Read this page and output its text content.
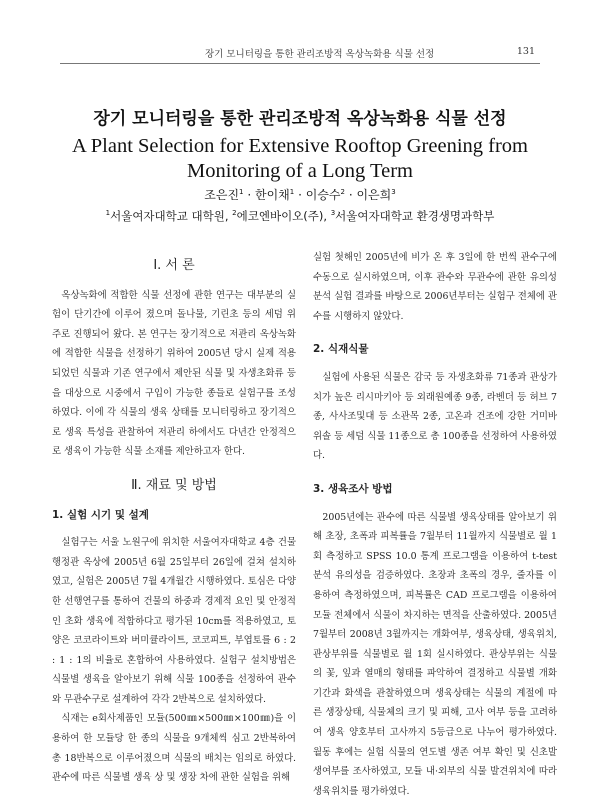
장기 모니터링을 통한 관리조방적 옥상녹화용 식물 선정	131
장기 모니터링을 통한 관리조방적 옥상녹화용 식물 선정
A Plant Selection for Extensive Rooftop Greening from Monitoring of a Long Term
조은진$^1$ · 한이채$^1$ · 이승수$^2$ · 이은희$^3$
$^1$서울여자대학교 대학원, $^2$에코엔바이오(주), $^3$서울여자대학교 환경생명과학부
Ⅰ. 서 론

옥상녹화에 적합한 식물 선정에 관한 연구는 대부분의 실험이 단기간에 이루어 졌으며 돌나물, 기린초 등의 세덤 위주로 진행되어 왔다. 본 연구는 장기적으로 저관리 옥상녹화에 적합한 식물을 선정하기 위하여 2005년 당시 실제 적용되었던 식물과 기존 연구에서 제안된 식물 및 자생초화류 등을 대상으로 시중에서 구입이 가능한 종들로 실험구를 조성하였다. 이에 각 식물의 생육 상태를 모니터링하고 장기적으로 생육 특성을 관찰하여 저관리 하에서도 다년간 안정적으로 생육이 가능한 식물 소재를 제안하고자 한다.

Ⅱ. 재료 및 방법
1. 실험 시기 및 설계

실험구는 서울 노원구에 위치한 서울여자대학교 4층 건물 행정관 옥상에 2005년 6월 25일부터 26일에 걸쳐 설치하였고, 실험은 2005년 7월 4개월간 시행하였다. 토심은 다양한 선행연구를 통하여 건물의 하중과 경제적 요인 및 안정적인 초화 생육에 적합하다고 평가된 10cm를 적용하였고, 토양은 코코라이트와 버미큘라이트, 코코피트, 부엽토를 6 : 2 : 1 : 1의 비율로 혼합하여 사용하였다. 실험구 설치방법은 식물별 생육을 알아보기 위해 식물 100종을 선정하여 관수와 무관수구로 설계하여 각각 2반복으로 설치하였다.

식재는 e회사제품인 모듈(500㎜×500㎜×100㎜)을 이용하여 한 모듈당 한 종의 식물을 9개체씩 심고 2반복하여 총 18반복으로 이루어졌으며 식물의 배치는 임의로 하였다. 관수에 따른 식물별 생육 상 및 생장 차에 관한 실험을 위해

실험 첫해인 2005년에 비가 온 후 3일에 한 번씩 관수구에 수동으로 실시하였으며, 이후 관수와 무관수에 관한 유의성 분석 실험 결과를 바탕으로 2006년부터는 실험구 전체에 관수를 시행하지 않았다.

2. 식재식물

실험에 사용된 식물은 감국 등 자생초화류 71종과 관상가치가 높은 리시마키아 등 외래원예종 9종, 라벤더 등 허브 7종, 사사조및대 등 소관목 2종, 고온과 건조에 강한 거미바위솔 등 세덤 식물 11종으로 총 100종을 선정하여 사용하였다.

3. 생육조사 방법

2005년에는 관수에 따른 식물별 생육상태를 알아보기 위해 초장, 초폭과 피복률을 7월부터 11월까지 식물별로 월 1회 측정하고 SPSS 10.0 통계 프로그램을 이용하여 t-test 분석 유의성을 검증하였다. 초장과 초폭의 경우, 줄자를 이용하여 측정하였으며, 피복률은 CAD 프로그램을 이용하여 모듈 전체에서 식물이 차지하는 면적을 산출하였다. 2005년 7월부터 2008년 3월까지는 개화여부, 생육상태, 생육위치, 관상부위를 식물별로 월 1회 실시하였다. 관상부위는 식물의 꽃, 잎과 열매의 형태를 파악하여 결정하고 식물별 개화기간과 화색을 관찰하였으며 생육상태는 식물의 계절에 따른 생장상태, 식물체의 크기 및 피해, 고사 여부 등을 고려하여 생육 양호부터 고사까지 5등급으로 나누어 평가하였다. 월동 후에는 실험 식물의 연도별 생존 여부 확인 및 신초발생여부를 조사하였고, 모듈 내·외부의 식물 발견위치에 따라 생육위치를 평가하였다.
